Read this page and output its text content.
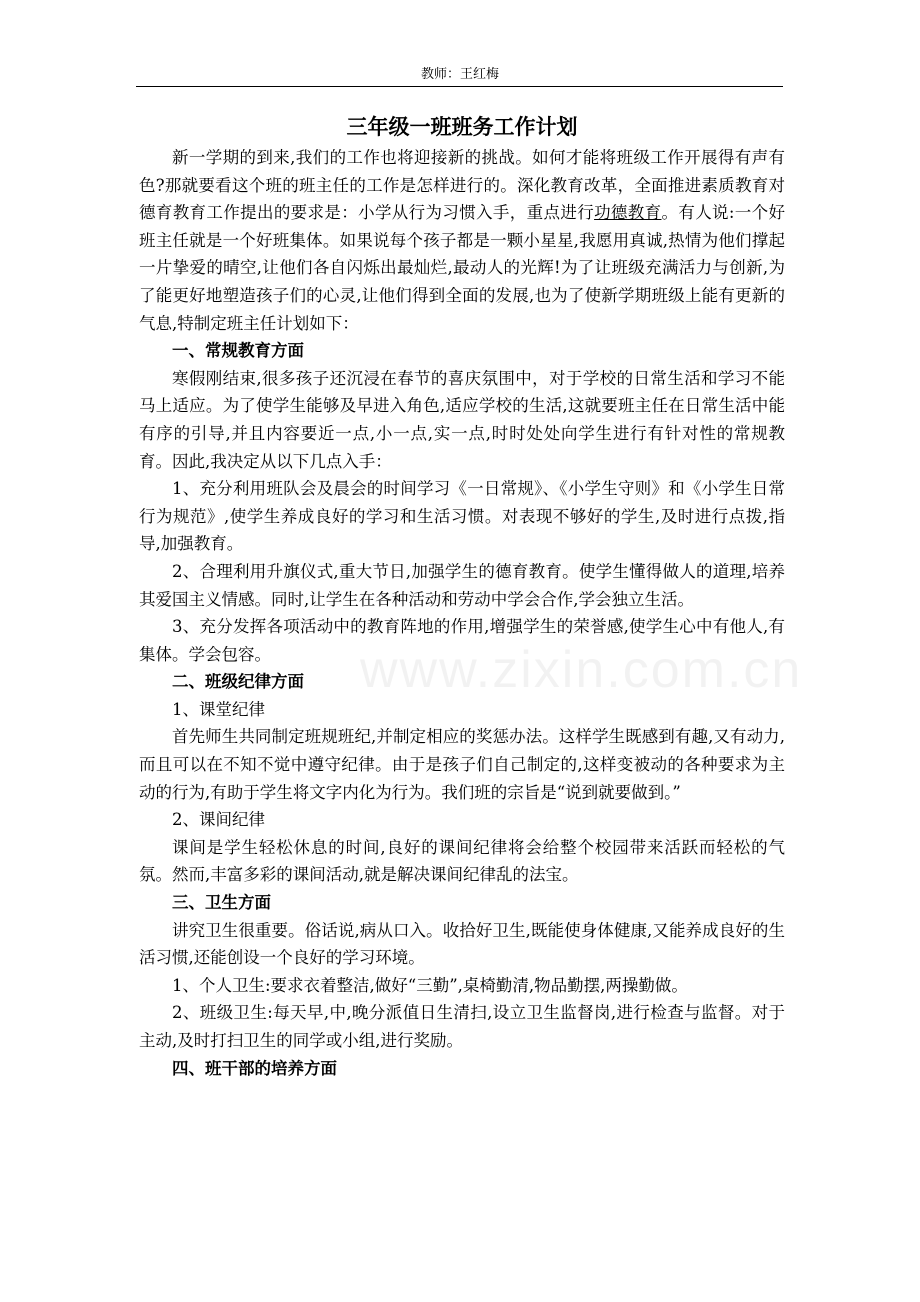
教师：王红梅
www.zixin.com.cn
三年级一班班务工作计划

新一学期的到来,我们的工作也将迎接新的挑战。如何才能将班级工作开展得有声有色?那就要看这个班的班主任的工作是怎样进行的。深化教育改革，全面推进素质教育对德育教育工作提出的要求是：小学从行为习惯入手，重点进行功德教育。有人说:一个好班主任就是一个好班集体。如果说每个孩子都是一颗小星星,我愿用真诚,热情为他们撑起一片挚爱的晴空,让他们各自闪烁出最灿烂,最动人的光辉!为了让班级充满活力与创新,为了能更好地塑造孩子们的心灵,让他们得到全面的发展,也为了使新学期班级上能有更新的气息,特制定班主任计划如下：

一、常规教育方面

寒假刚结束,很多孩子还沉浸在春节的喜庆氛围中，对于学校的日常生活和学习不能马上适应。为了使学生能够及早进入角色,适应学校的生活,这就要班主任在日常生活中能有序的引导,并且内容要近一点,小一点,实一点,时时处处向学生进行有针对性的常规教育。因此,我决定从以下几点入手：

1、充分利用班队会及晨会的时间学习《一日常规》、《小学生守则》和《小学生日常行为规范》,使学生养成良好的学习和生活习惯。对表现不够好的学生,及时进行点拨,指导,加强教育。

2、合理利用升旗仪式,重大节日,加强学生的德育教育。使学生懂得做人的道理,培养其爱国主义情感。同时,让学生在各种活动和劳动中学会合作,学会独立生活。

3、充分发挥各项活动中的教育阵地的作用,增强学生的荣誉感,使学生心中有他人,有集体。学会包容。

二、班级纪律方面

1、课堂纪律

首先师生共同制定班规班纪,并制定相应的奖惩办法。这样学生既感到有趣,又有动力,而且可以在不知不觉中遵守纪律。由于是孩子们自己制定的,这样变被动的各种要求为主动的行为,有助于学生将文字内化为行为。我们班的宗旨是“说到就要做到。”

2、课间纪律

课间是学生轻松休息的时间,良好的课间纪律将会给整个校园带来活跃而轻松的气氛。然而,丰富多彩的课间活动,就是解决课间纪律乱的法宝。

三、卫生方面

讲究卫生很重要。俗话说,病从口入。收拾好卫生,既能使身体健康,又能养成良好的生活习惯,还能创设一个良好的学习环境。

1、个人卫生:要求衣着整洁,做好“三勤”,桌椅勤清,物品勤摆,两操勤做。

2、班级卫生:每天早,中,晚分派值日生清扫,设立卫生监督岗,进行检查与监督。对于主动,及时打扫卫生的同学或小组,进行奖励。

四、班干部的培养方面
